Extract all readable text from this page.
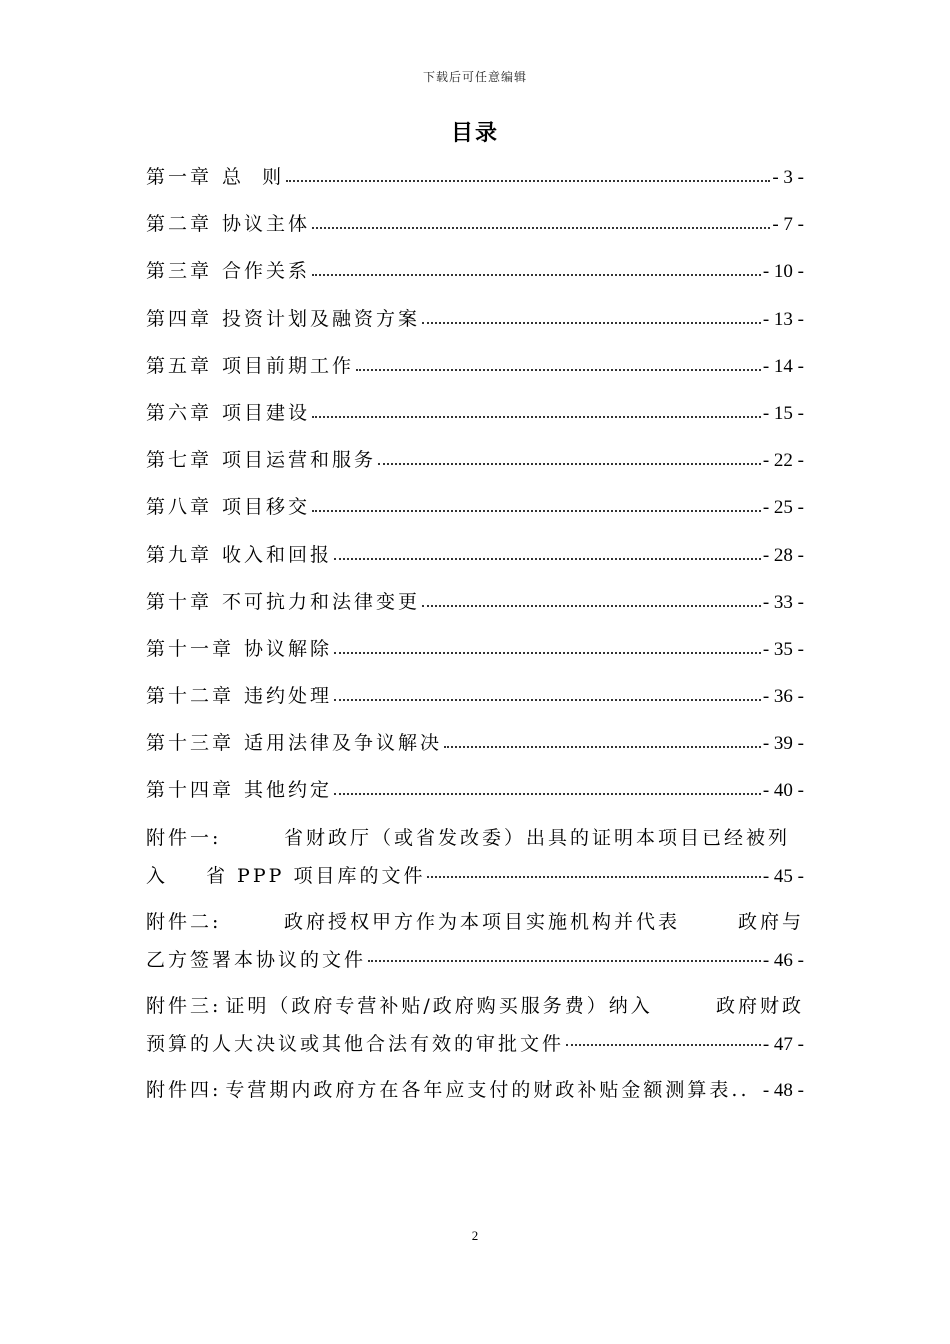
下载后可任意编辑
目录
第一章 总  则	- 3 -
第二章 协议主体	- 7 -
第三章 合作关系	- 10 -
第四章 投资计划及融资方案	- 13 -
第五章 项目前期工作	- 14 -
第六章 项目建设	- 15 -
第七章 项目运营和服务	- 22 -
第八章 项目移交	- 25 -
第九章 收入和回报	- 28 -
第十章 不可抗力和法律变更	- 33 -
第十一章 协议解除	- 35 -
第十二章 违约处理	- 36 -
第十三章 适用法律及争议解决	- 39 -
第十四章 其他约定	- 40 -
附件一:	省财政厅（或省发改委）出具的证明本项目已经被列
入 省 PPP 项目库的文件	- 45 -
附件二:	政府授权甲方作为本项目实施机构并代表	政府与
乙方签署本协议的文件	- 46 -
附件三: 证明（政府专营补贴/政府购买服务费）纳入	政府财政
预算的人大决议或其他合法有效的审批文件	- 47 -
附件四: 专营期内政府方在各年应支付的财政补贴金额测算表.. - 48 -
2
